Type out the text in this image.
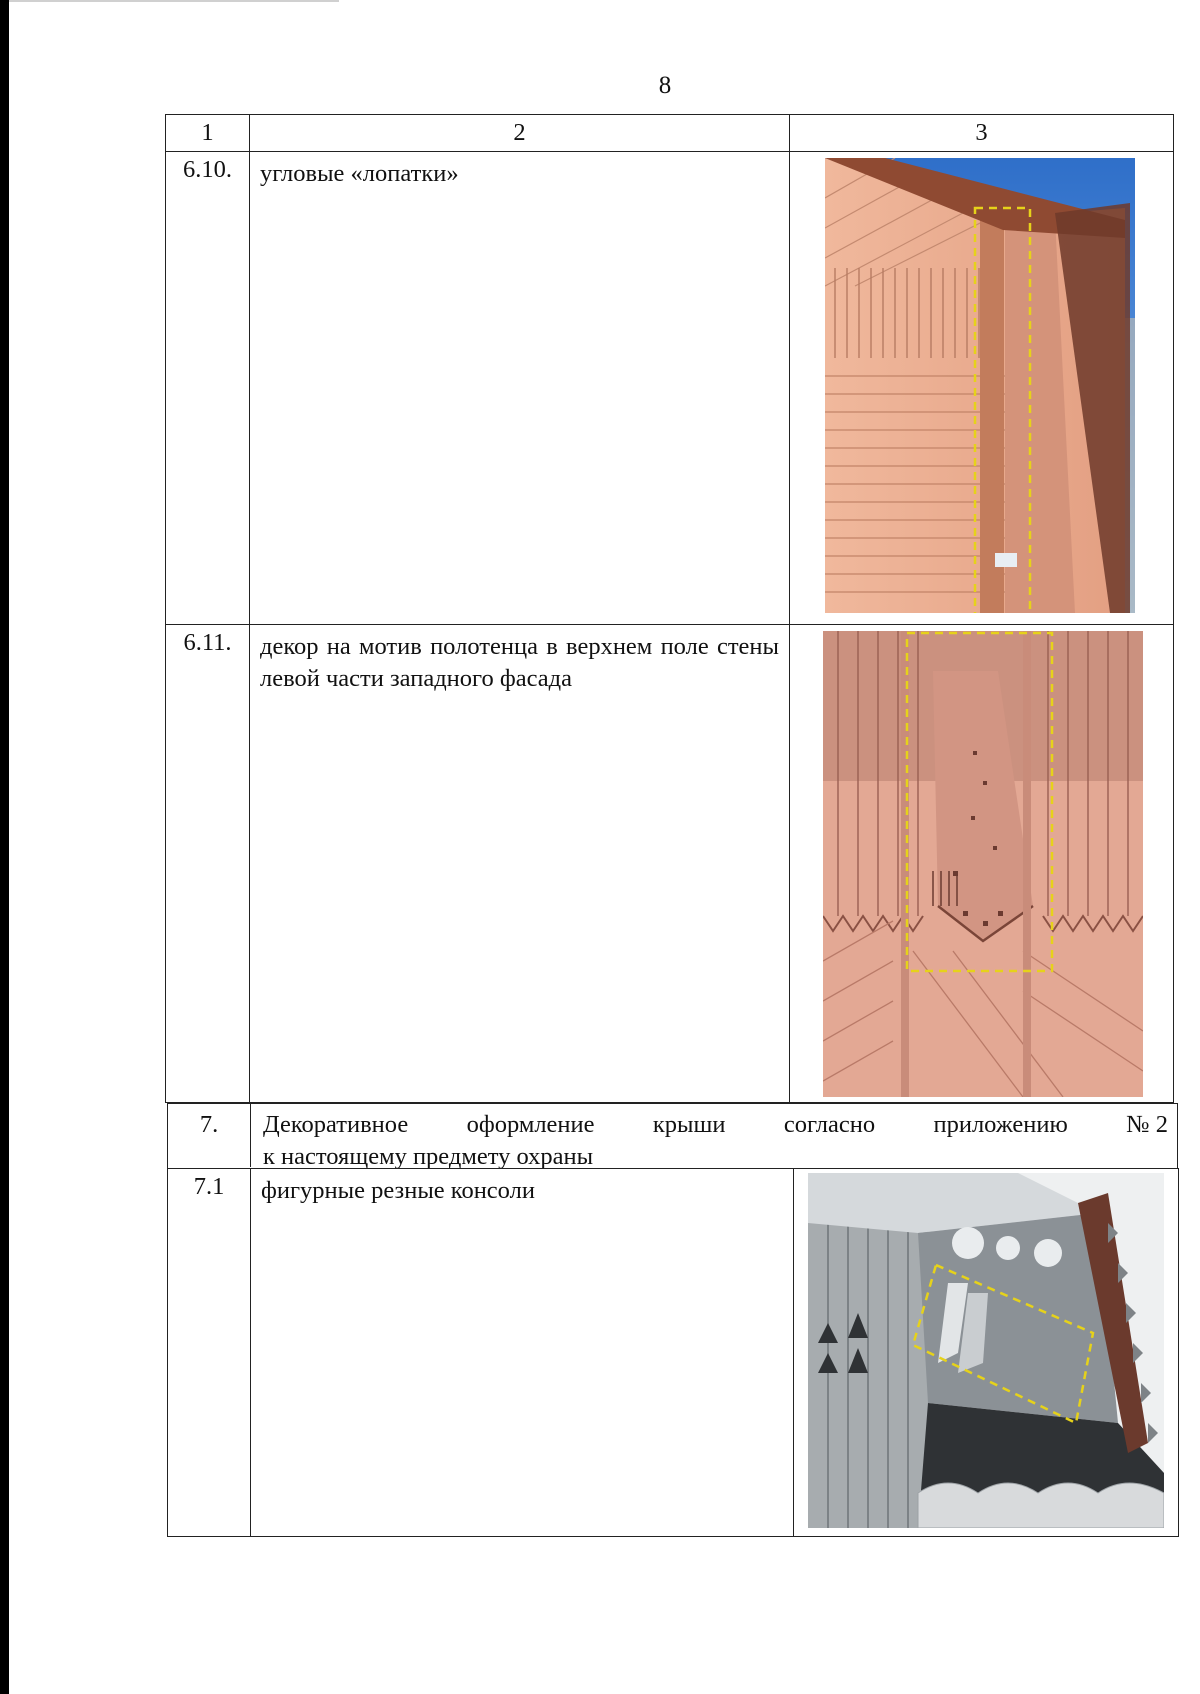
8
1	2	3
6.10.	угловые «лопатки»	

6.11.	декор на мотив полотенца в верхнем поле стены левой части западного фасада	
7.	Декоративное оформление крыши согласно приложению № 2
к настоящему предмету охраны
7.1	фигурные резные консоли	
